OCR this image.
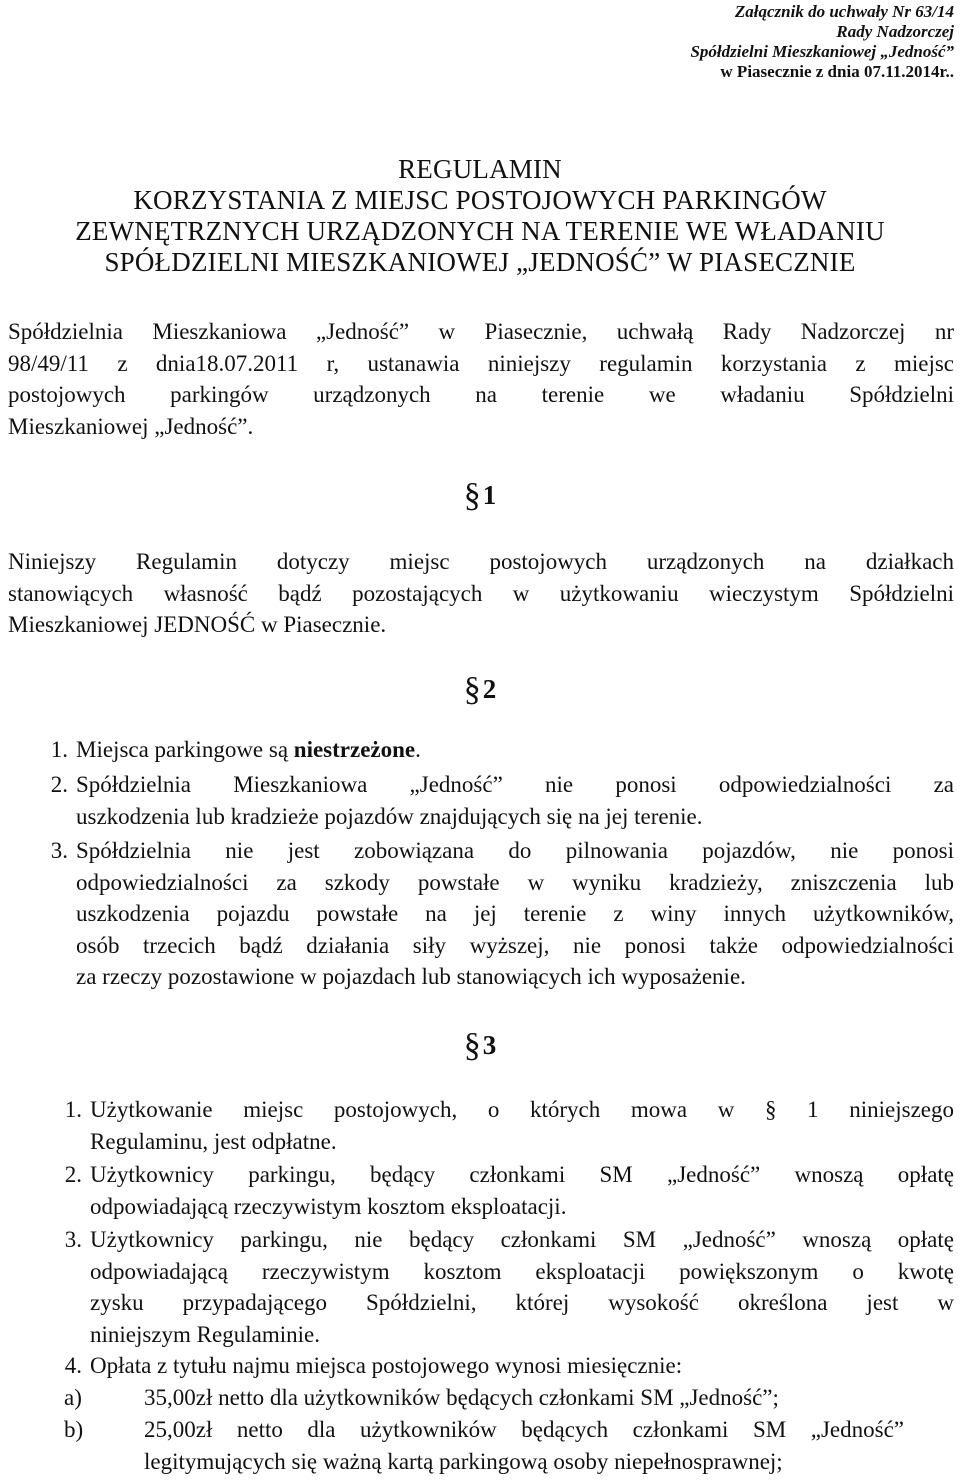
Załącznik do uchwały Nr 63/14
Rady Nadzorczej
Spółdzielni Mieszkaniowej „Jedność”
w Piasecznie z dnia 07.11.2014r..
REGULAMIN
KORZYSTANIA Z MIEJSC POSTOJOWYCH PARKINGÓW
ZEWNĘTRZNYCH URZĄDZONYCH NA TERENIE WE WŁADANIU
SPÓŁDZIELNI MIESZKANIOWEJ „JEDNOŚĆ” W PIASECZNIE
Spółdzielnia Mieszkaniowa „Jedność” w Piasecznie, uchwałą Rady Nadzorczej nr
98/49/11 z dnia18.07.2011 r, ustanawia niniejszy regulamin korzystania z miejsc
postojowych parkingów urządzonych na terenie we władaniu Spółdzielni
Mieszkaniowej „Jedność”.
§1
Niniejszy Regulamin dotyczy miejsc postojowych urządzonych na działkach
stanowiących własność bądź pozostających w użytkowaniu wieczystym Spółdzielni
Mieszkaniowej JEDNOŚĆ w Piasecznie.
§2
1. Miejsca parkingowe są niestrzeżone.
2. Spółdzielnia Mieszkaniowa „Jedność” nie ponosi odpowiedzialności za
uszkodzenia lub kradzieże pojazdów znajdujących się na jej terenie.
3. Spółdzielnia nie jest zobowiązana do pilnowania pojazdów, nie ponosi
odpowiedzialności za szkody powstałe w wyniku kradzieży, zniszczenia lub
uszkodzenia pojazdu powstałe na jej terenie z winy innych użytkowników,
osób trzecich bądź działania siły wyższej, nie ponosi także odpowiedzialności
za rzeczy pozostawione w pojazdach lub stanowiących ich wyposażenie.
§3
1. Użytkowanie miejsc postojowych, o których mowa w § 1 niniejszego
Regulaminu, jest odpłatne.
2. Użytkownicy parkingu, będący członkami SM „Jedność” wnoszą opłatę
odpowiadającą rzeczywistym kosztom eksploatacji.
3. Użytkownicy parkingu, nie będący członkami SM „Jedność” wnoszą opłatę
odpowiadającą rzeczywistym kosztom eksploatacji powiększonym o kwotę
zysku przypadającego Spółdzielni, której wysokość określona jest w
niniejszym Regulaminie.
4. Opłata z tytułu najmu miejsca postojowego wynosi miesięcznie:
a)	35,00zł netto dla użytkowników będących członkami SM „Jedność”;
b)	25,00zł netto dla użytkowników będących członkami SM „Jedność”
legitymujących się ważną kartą parkingową osoby niepełnosprawnej;
